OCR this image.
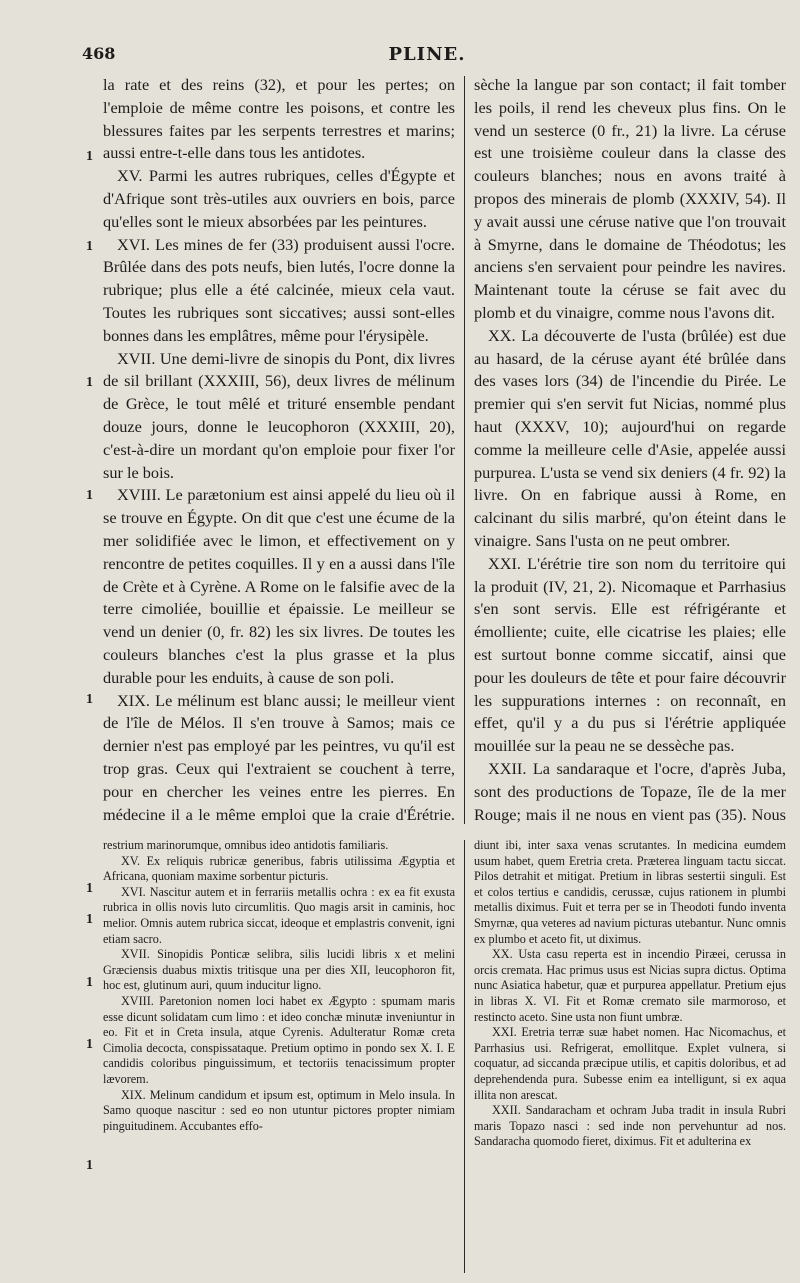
468	PLINE.

la rate et des reins (32), et pour les pertes; on l'emploie de même contre les poisons, et contre les blessures faites par les serpents terrestres et marins; aussi entre-t-elle dans tous les antidotes.

XV. Parmi les autres rubriques, celles d'Égypte et d'Afrique sont très-utiles aux ouvriers en bois, parce qu'elles sont le mieux absorbées par les peintures.

XVI. Les mines de fer (33) produisent aussi l'ocre. Brûlée dans des pots neufs, bien lutés, l'ocre donne la rubrique; plus elle a été calcinée, mieux cela vaut. Toutes les rubriques sont siccatives; aussi sont-elles bonnes dans les emplâtres, même pour l'érysipèle.

XVII. Une demi-livre de sinopis du Pont, dix livres de sil brillant (XXXIII, 56), deux livres de mélinum de Grèce, le tout mêlé et trituré ensemble pendant douze jours, donne le leucophoron (XXXIII, 20), c'est-à-dire un mordant qu'on emploie pour fixer l'or sur le bois.

XVIII. Le parætonium est ainsi appelé du lieu où il se trouve en Égypte. On dit que c'est une écume de la mer solidifiée avec le limon, et effectivement on y rencontre de petites coquilles. Il y en a aussi dans l'île de Crète et à Cyrène. A Rome on le falsifie avec de la terre cimoliée, bouillie et épaissie. Le meilleur se vend un denier (0, fr. 82) les six livres. De toutes les couleurs blanches c'est la plus grasse et la plus durable pour les enduits, à cause de son poli.

XIX. Le mélinum est blanc aussi; le meilleur vient de l'île de Mélos. Il s'en trouve à Samos; mais ce dernier n'est pas employé par les peintres, vu qu'il est trop gras. Ceux qui l'extraient se couchent à terre, pour en chercher les veines entre les pierres. En médecine il a le même emploi que la craie d'Érétrie.

sèche la langue par son contact; il fait tomber les poils, il rend les cheveux plus fins. On le vend un sesterce (0 fr., 21) la livre. La céruse est une troisième couleur dans la classe des couleurs blanches; nous en avons traité à propos des minerais de plomb (XXXIV, 54). Il y avait aussi une céruse native que l'on trouvait à Smyrne, dans le domaine de Théodotus; les anciens s'en servaient pour peindre les navires. Maintenant toute la céruse se fait avec du plomb et du vinaigre, comme nous l'avons dit.

XX. La découverte de l'usta (brûlée) est due au hasard, de la céruse ayant été brûlée dans des vases lors (34) de l'incendie du Pirée. Le premier qui s'en servit fut Nicias, nommé plus haut (XXXV, 10); aujourd'hui on regarde comme la meilleure celle d'Asie, appelée aussi purpurea. L'usta se vend six deniers (4 fr. 92) la livre. On en fabrique aussi à Rome, en calcinant du silis marbré, qu'on éteint dans le vinaigre. Sans l'usta on ne peut ombrer.

XXI. L'érétrie tire son nom du territoire qui la produit (IV, 21, 2). Nicomaque et Parrhasius s'en sont servis. Elle est réfrigérante et émolliente; cuite, elle cicatrise les plaies; elle est surtout bonne comme siccatif, ainsi que pour les douleurs de tête et pour faire découvrir les suppurations internes : on reconnaît, en effet, qu'il y a du pus si l'érétrie appliquée mouillée sur la peau ne se dessèche pas.

XXII. La sandaraque et l'ocre, d'après Juba, sont des productions de Topaze, île de la mer Rouge; mais il ne nous en vient pas (35). Nous

restrium marinorumque, omnibus ideo antidotis familiaris.

XV. Ex reliquis rubricæ generibus, fabris utilissima Ægyptia et Africana, quoniam maxime sorbentur picturis.

XVI. Nascitur autem et in ferrariis metallis ochra : ex ea fit exusta rubrica in ollis novis luto circumlitis. Quo magis arsit in caminis, hoc melior. Omnis autem rubrica siccat, ideoque et emplastris convenit, igni etiam sacro.

XVII. Sinopidis Ponticæ selibra, silis lucidi libris x et melini Græciensis duabus mixtis tritisque una per dies XII, leucophoron fit, hoc est, glutinum auri, quum inducitur ligno.

XVIII. Paretonion nomen loci habet ex Ægypto : spumam maris esse dicunt solidatam cum limo : et ideo conchæ minutæ inveniuntur in eo. Fit et in Creta insula, atque Cyrenis. Adulteratur Romæ creta Cimolia decocta, conspissataque. Pretium optimo in pondo sex X. I. E candidis coloribus pinguissimum, et tectoriis tenacissimum propter lævorem.

XIX. Melinum candidum et ipsum est, optimum in Melo insula. In Samo quoque nascitur : sed eo non utuntur pictores propter nimiam pinguitudinem. Accubantes effo-

diunt ibi, inter saxa venas scrutantes. In medicina eumdem usum habet, quem Eretria creta. Præterea linguam tactu siccat. Pilos detrahit et mitigat. Pretium in libras sestertii singuli. Est et colos tertius e candidis, cerussæ, cujus rationem in plumbi metallis diximus. Fuit et terra per se in Theodoti fundo inventa Smyrnæ, qua veteres ad navium picturas utebantur. Nunc omnis ex plumbo et aceto fit, ut diximus.

XX. Usta casu reperta est in incendio Piræei, cerussa in orcis cremata. Hac primus usus est Nicias supra dictus. Optima nunc Asiatica habetur, quæ et purpurea appellatur. Pretium ejus in libras X. VI. Fit et Romæ cremato sile marmoroso, et restincto aceto. Sine usta non fiunt umbræ.

XXI. Eretria terræ suæ habet nomen. Hac Nicomachus, et Parrhasius usi. Refrigerat, emollitque. Explet vulnera, si coquatur, ad siccanda præcipue utilis, et capitis doloribus, et ad deprehendenda pura. Subesse enim ea intelligunt, si ex aqua illita non arescat.

XXII. Sandaracham et ochram Juba tradit in insula Rubri maris Topazo nasci : sed inde non pervehuntur ad nos. Sandaracha quomodo fieret, diximus. Fit et adulterina ex

1
1
1
1
1
1
1
1
1
1
